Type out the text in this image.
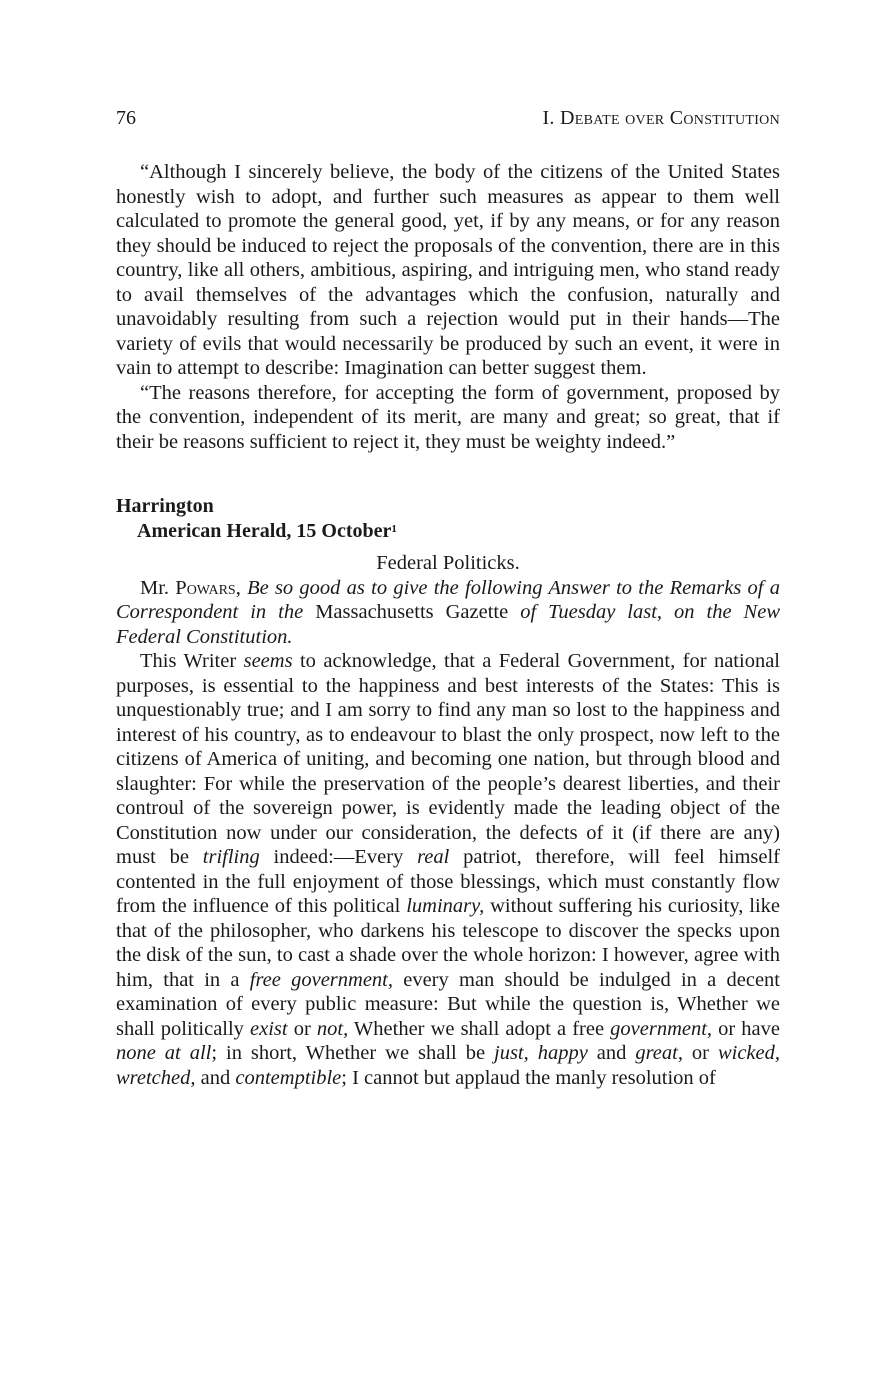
76	I. Debate over Constitution

“Although I sincerely believe, the body of the citizens of the United States honestly wish to adopt, and further such measures as appear to them well calculated to promote the general good, yet, if by any means, or for any reason they should be induced to reject the proposals of the convention, there are in this country, like all others, ambitious, aspiring, and intriguing men, who stand ready to avail themselves of the advantages which the confusion, naturally and unavoidably resulting from such a rejection would put in their hands—The variety of evils that would necessarily be produced by such an event, it were in vain to attempt to describe: Imagination can better suggest them.

“The reasons therefore, for accepting the form of government, proposed by the convention, independent of its merit, are many and great; so great, that if their be reasons sufficient to reject it, they must be weighty indeed.”

Harrington
American Herald, 15 October$^1$
Federal Politicks.

Mr. Powars, Be so good as to give the following Answer to the Remarks of a Correspondent in the Massachusetts Gazette of Tuesday last, on the New Federal Constitution.

This Writer seems to acknowledge, that a Federal Government, for national purposes, is essential to the happiness and best interests of the States: This is unquestionably true; and I am sorry to find any man so lost to the happiness and interest of his country, as to endeavour to blast the only prospect, now left to the citizens of America of uniting, and becoming one nation, but through blood and slaughter: For while the preservation of the people’s dearest liberties, and their controul of the sovereign power, is evidently made the leading object of the Constitution now under our consideration, the defects of it (if there are any) must be trifling indeed:—Every real patriot, therefore, will feel himself contented in the full enjoyment of those blessings, which must constantly flow from the influence of this political luminary, without suffering his curiosity, like that of the philosopher, who darkens his telescope to discover the specks upon the disk of the sun, to cast a shade over the whole horizon: I however, agree with him, that in a free government, every man should be indulged in a decent examination of every public measure: But while the question is, Whether we shall politically exist or not, Whether we shall adopt a free government, or have none at all; in short, Whether we shall be just, happy and great, or wicked, wretched, and contemptible; I cannot but applaud the manly resolution of
